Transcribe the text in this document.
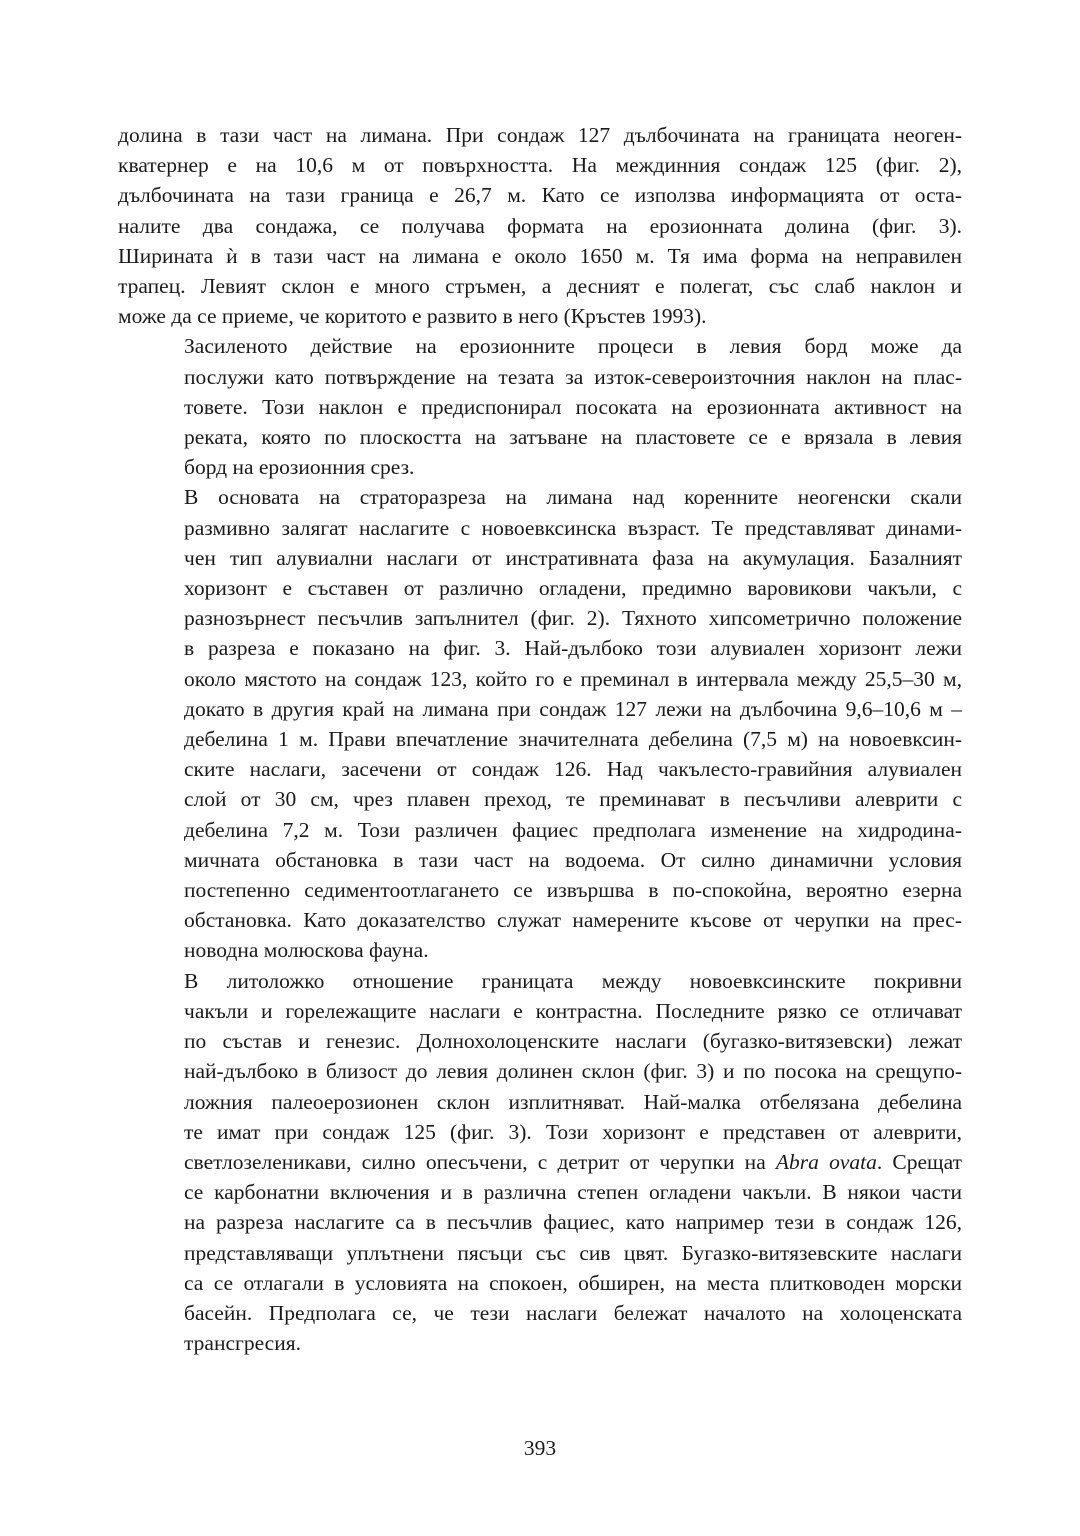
долина в тази част на лимана. При сондаж 127 дълбочината на границата неоген-
кватернер е на 10,6 м от повърхността. На междинния сондаж 125 (фиг. 2),
дълбочината на тази граница е 26,7 м. Като се използва информацията от оста-
налите два сондажа, се получава формата на ерозионната долина (фиг. 3).
Ширината ѝ в тази част на лимана е около 1650 м. Тя има форма на неправилен
трапец. Левият склон е много стръмен, а десният е полегат, със слаб наклон и
може да се приеме, че коритото е развито в него (Кръстев 1993).

Засиленото действие на ерозионните процеси в левия борд може да
послужи като потвърждение на тезата за изток-североизточния наклон на плас-
товете. Този наклон е предиспонирал посоката на ерозионната активност на
реката, която по плоскостта на затъване на пластовете се е врязала в левия
борд на ерозионния срез.

В основата на страторазреза на лимана над коренните неогенски скали
размивно залягат наслагите с новоевксинска възраст. Те представляват динами-
чен тип алувиални наслаги от инстративната фаза на акумулация. Базалният
хоризонт е съставен от различно огладени, предимно варовикови чакъли, с
разнозърнест песъчлив запълнител (фиг. 2). Тяхното хипсометрично положение
в разреза е показано на фиг. 3. Най-дълбоко този алувиален хоризонт лежи
около мястото на сондаж 123, който го е преминал в интервала между 25,5–30 м,
докато в другия край на лимана при сондаж 127 лежи на дълбочина 9,6–10,6 м –
дебелина 1 м. Прави впечатление значителната дебелина (7,5 м) на новоевксин-
ските наслаги, засечени от сондаж 126. Над чакълесто-гравийния алувиален
слой от 30 см, чрез плавен преход, те преминават в песъчливи алеврити с
дебелина 7,2 м. Този различен фациес предполага изменение на хидродина-
мичната обстановка в тази част на водоема. От силно динамични условия
постепенно седиментоотлагането се извършва в по-спокойна, вероятно езерна
обстановка. Като доказателство служат намерените късове от черупки на прес-
новодна молюскова фауна.

В литоложко отношение границата между новоевксинските покривни
чакъли и горележащите наслаги е контрастна. Последните рязко се отличават
по състав и генезис. Долнохолоценските наслаги (бугазко-витязевски) лежат
най-дълбоко в близост до левия долинен склон (фиг. 3) и по посока на срещупо-
ложния палеоерозионен склон изплитняват. Най-малка отбелязана дебелина
те имат при сондаж 125 (фиг. 3). Този хоризонт е представен от алеврити,
светлозеленикави, силно опесъчени, с детрит от черупки на Abra ovata. Срещат
се карбонатни включения и в различна степен огладени чакъли. В някои части
на разреза наслагите са в песъчлив фациес, като например тези в сондаж 126,
представляващи уплътнени пясъци със сив цвят. Бугазко-витязевските наслаги
са се отлагали в условията на спокоен, обширен, на места плитководен морски
басейн. Предполага се, че тези наслаги бележат началото на холоценската
трансгресия.

393
